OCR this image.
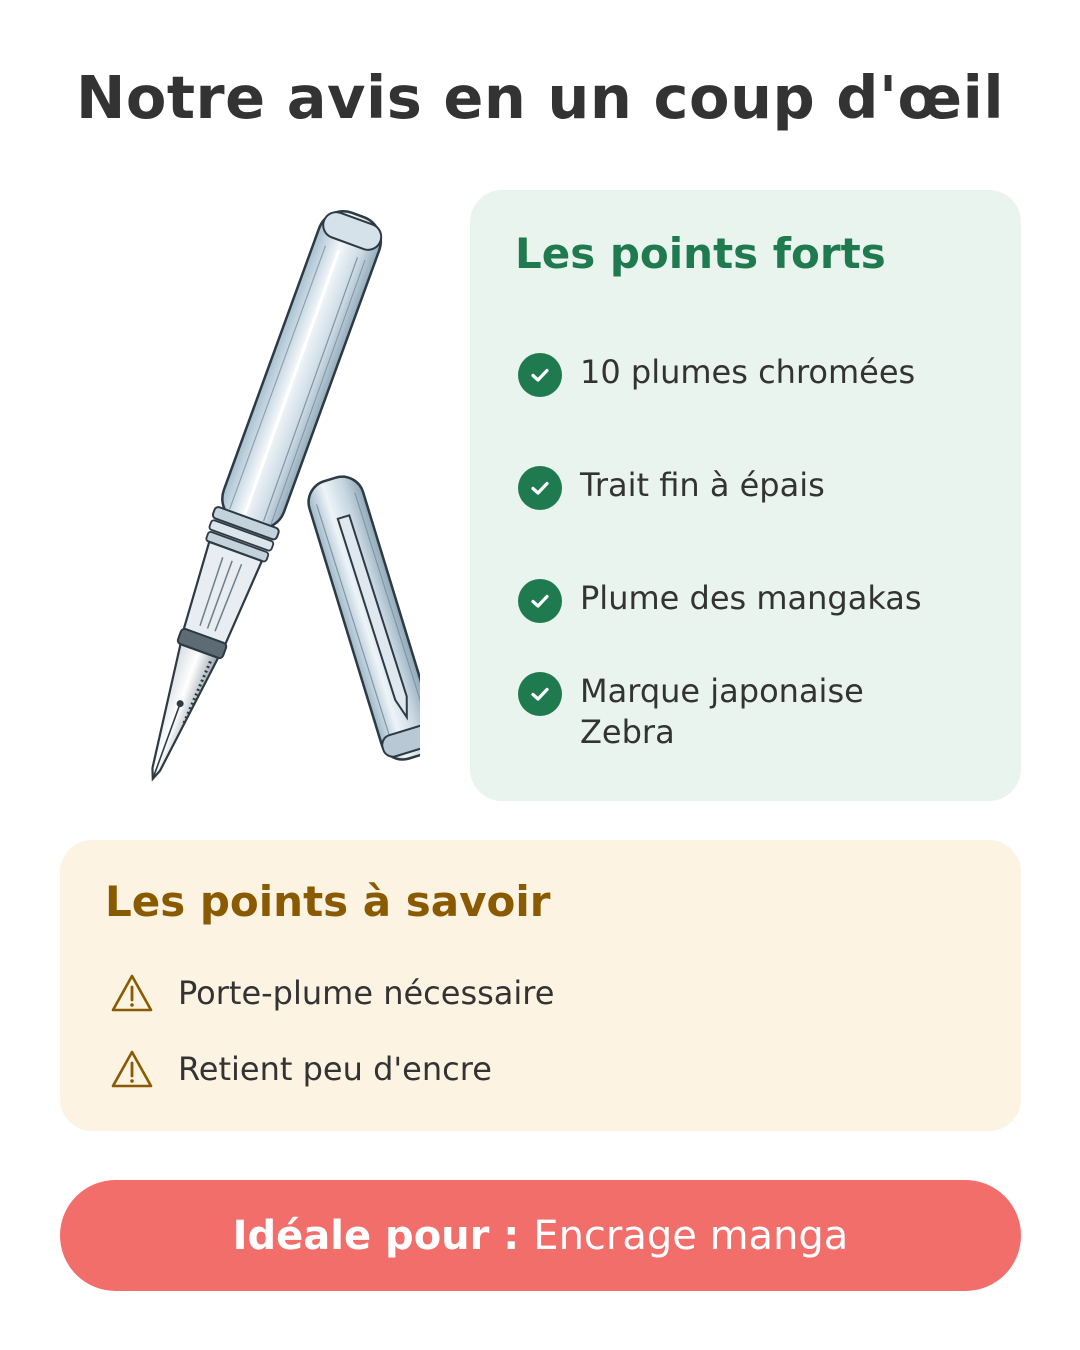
Notre avis en un coup d'œil
Les points forts
10 plumes chromées
Trait fin à épais
Plume des mangakas
Marque japonaise Zebra
Les points à savoir
Porte-plume nécessaire
Retient peu d'encre
Idéale pour : Encrage manga
